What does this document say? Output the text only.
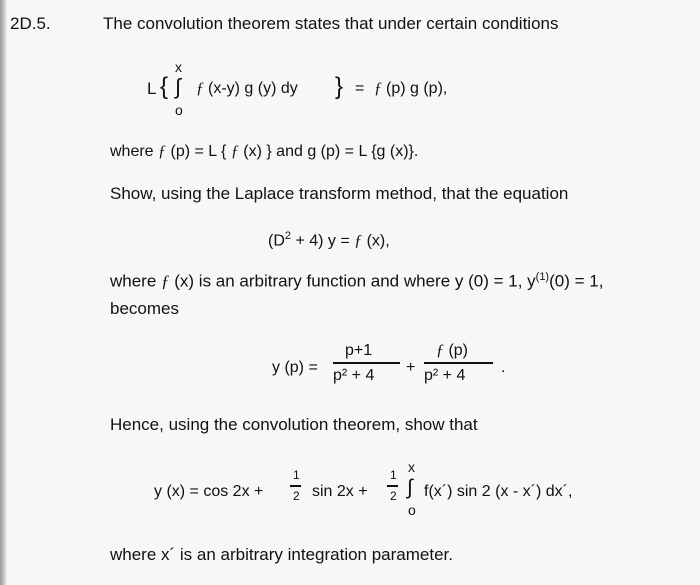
2D.5.	The convolution theorem states that under certain conditions
L {
x
∫
o
ƒ (x-y) g (y) dy } = ƒ (p) g (p),
where ƒ (p) = L { ƒ (x) } and g (p) = L {g (x)}.
Show, using the Laplace transform method, that the equation
$(D^2 + 4) y$ = ƒ (x),
where ƒ (x) is an arbitrary function and where y (0) = 1, $y^{(1)}(0) = 1$,
becomes
y (p) =
p+1
p² + 4 +
ƒ (p)
p² + 4 .
Hence, using the convolution theorem, show that
y (x) = cos 2x +
1
2 sin 2x +
1
2
x
∫
o
f(x´) sin 2 (x - x´) dx´,
where x´ is an arbitrary integration parameter.
